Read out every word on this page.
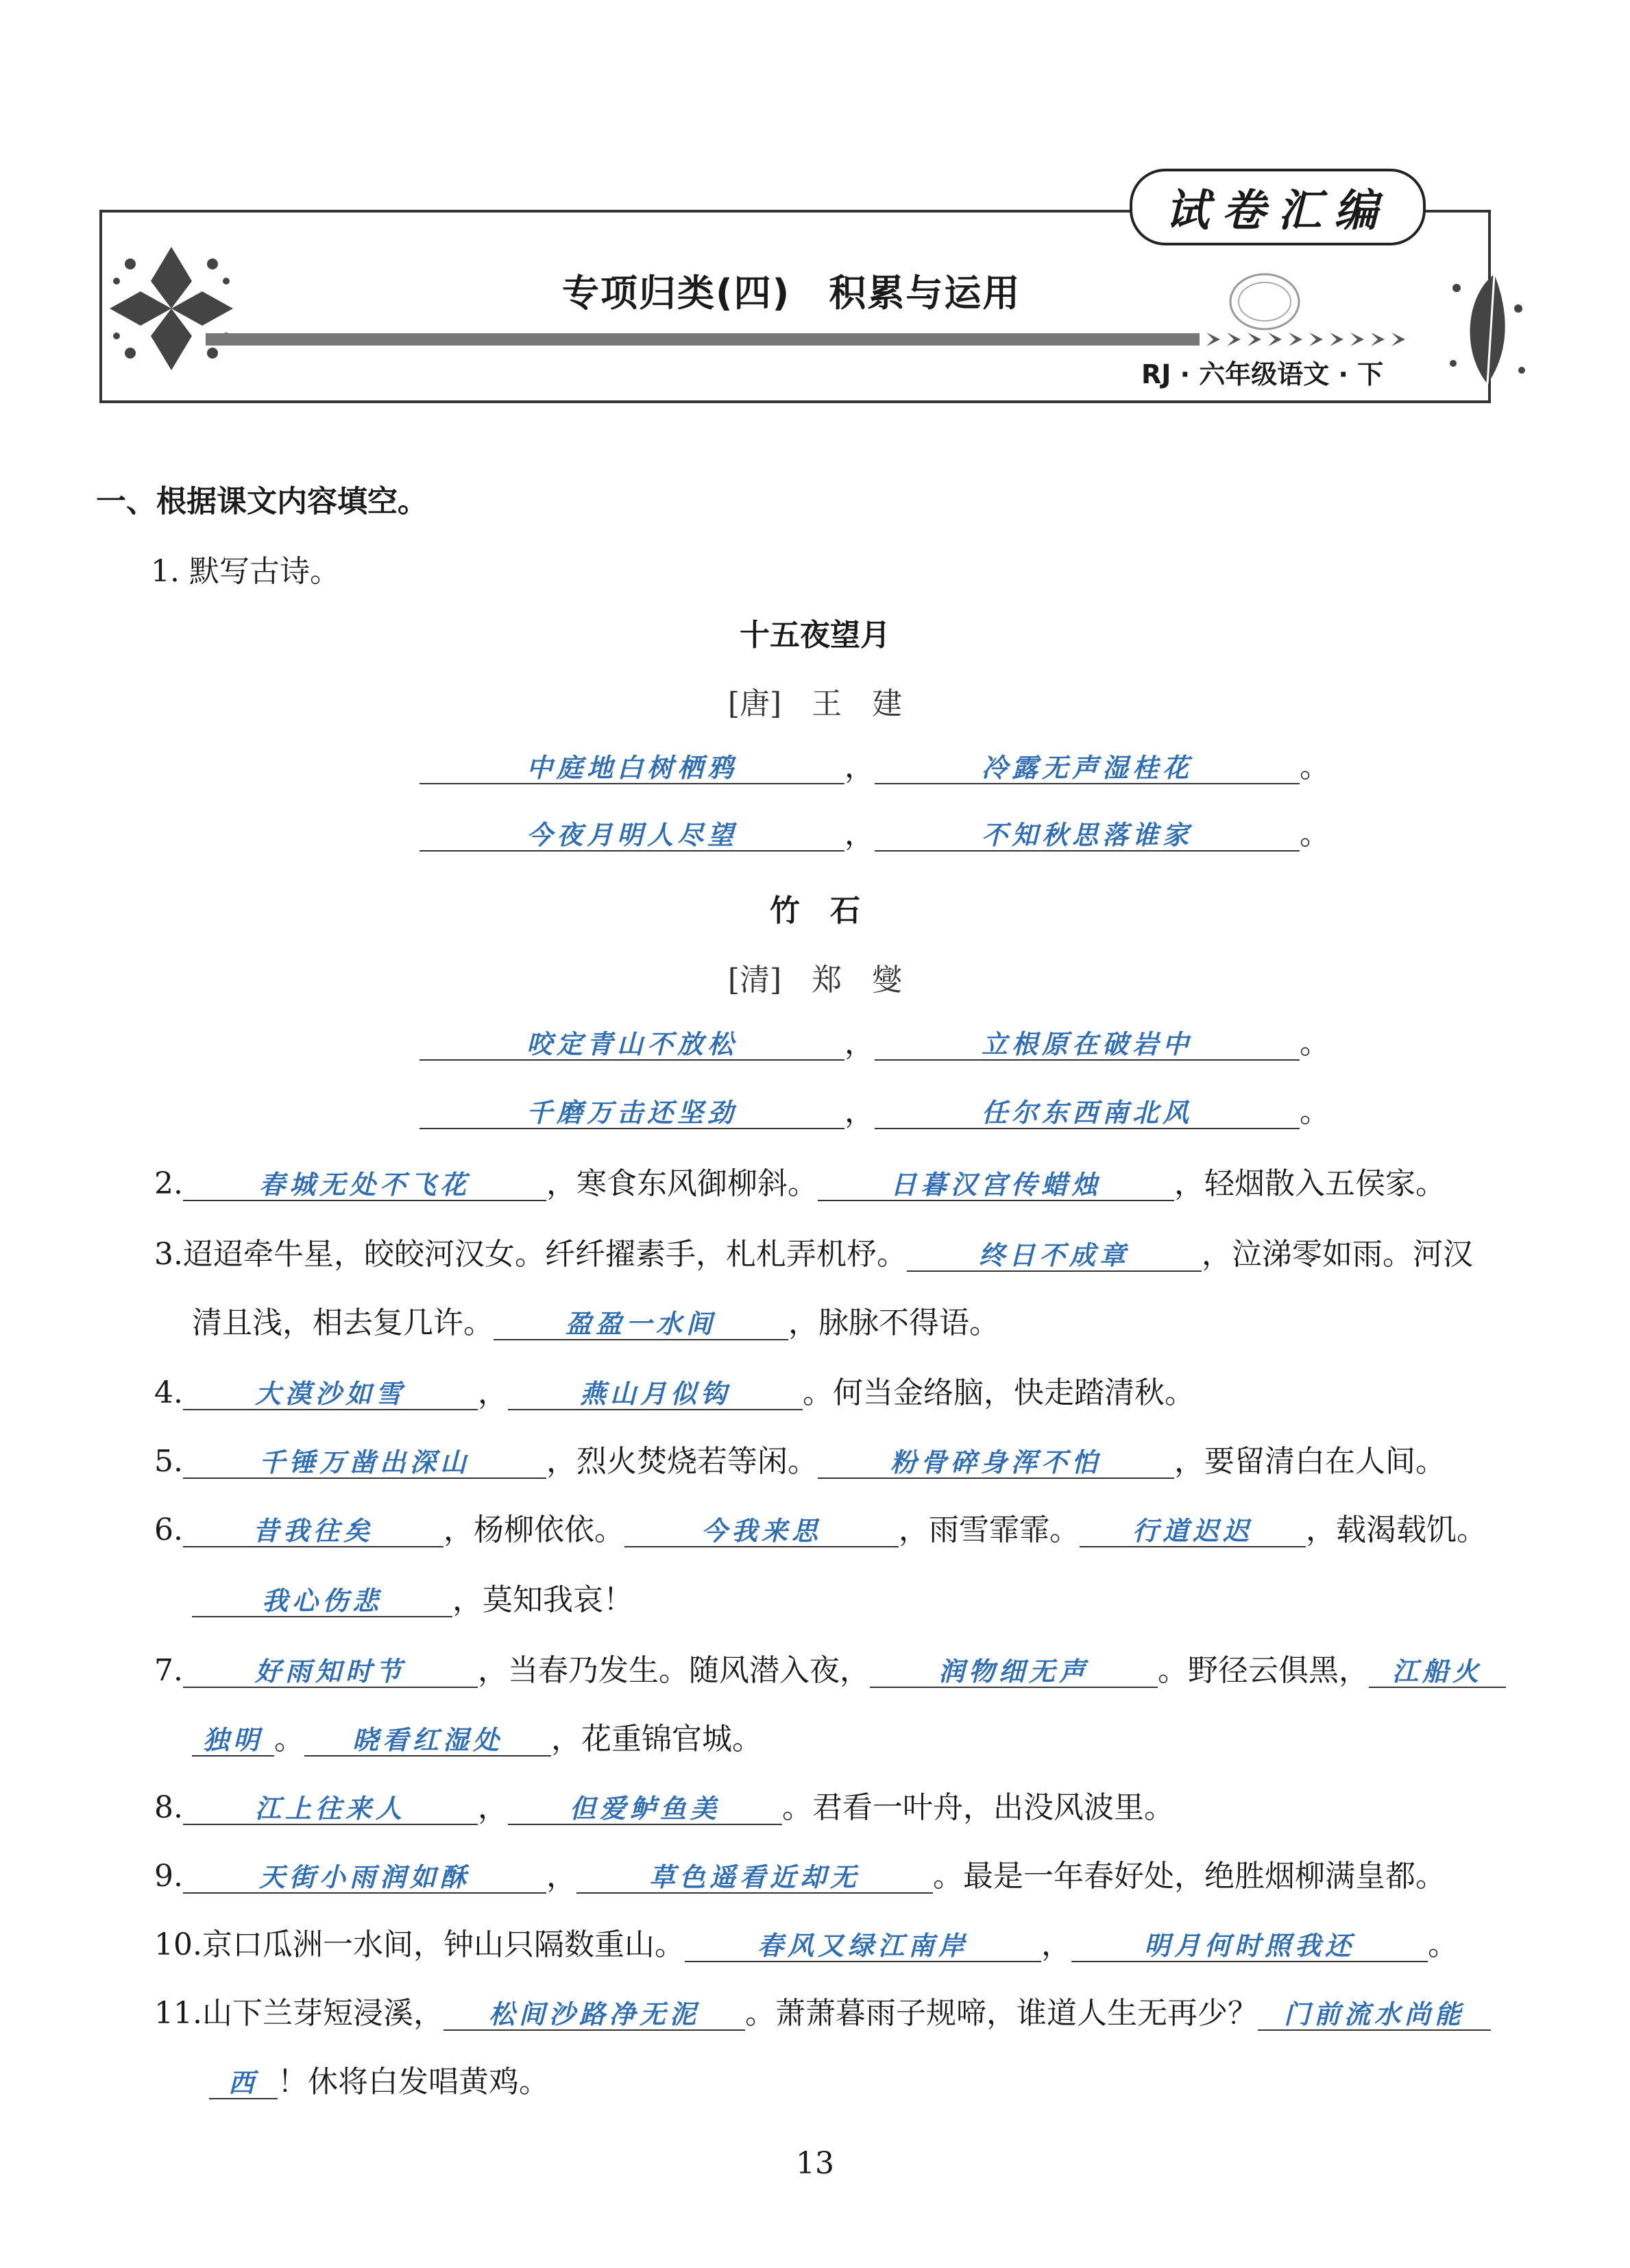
试卷汇编
专项归类(四)　积累与运用
RJ · 六年级语文 · 下
一、根据课文内容填空。
1. 默写古诗。
十五夜望月
[唐]　王　建
中庭地白树栖鸦	，	冷露无声湿桂花	。
今夜月明人尽望	，	不知秋思落谁家	。
竹　石
[清]　郑　燮
咬定青山不放松	，	立根原在破岩中	。
千磨万击还坚劲	，	任尔东西南北风	。
2.	春城无处不飞花	，寒食东风御柳斜。	日暮汉宫传蜡烛 ，轻烟散入五侯家。
3.迢迢牵牛星，皎皎河汉女。纤纤擢素手，札札弄机杼。	终日不成章 ，泣涕零如雨。河汉
清且浅，相去复几许。	盈盈一水间 ，脉脉不得语。
4.	大漠沙如雪 ，	燕山月似钩 。何当金络脑，快走踏清秋。
5.	千锤万凿出深山	，烈火焚烧若等闲。	粉骨碎身浑不怕 ，要留清白在人间。
6.	昔我往矣 ，杨柳依依。	今我来思	，雨雪霏霏。 行道迟迟 ，载渴载饥。
我心伤悲 ，莫知我哀！
7.	好雨知时节 ，当春乃发生。随风潜入夜，	润物细无声 。野径云俱黑， 江船火
独明 。 晓看红湿处 ，花重锦官城。
8.	江上往来人 ， 但爱鲈鱼美 。君看一叶舟，出没风波里。
9.	天街小雨润如酥	，	草色遥看近却无 。最是一年春好处，绝胜烟柳满皇都。
10.京口瓜洲一水间，钟山只隔数重山。	春风又绿江南岸 ，	明月何时照我还 。
11.山下兰芽短浸溪， 松间沙路净无泥 。萧萧暮雨子规啼，谁道人生无再少？ 门前流水尚能
西 ！休将白发唱黄鸡。
13
